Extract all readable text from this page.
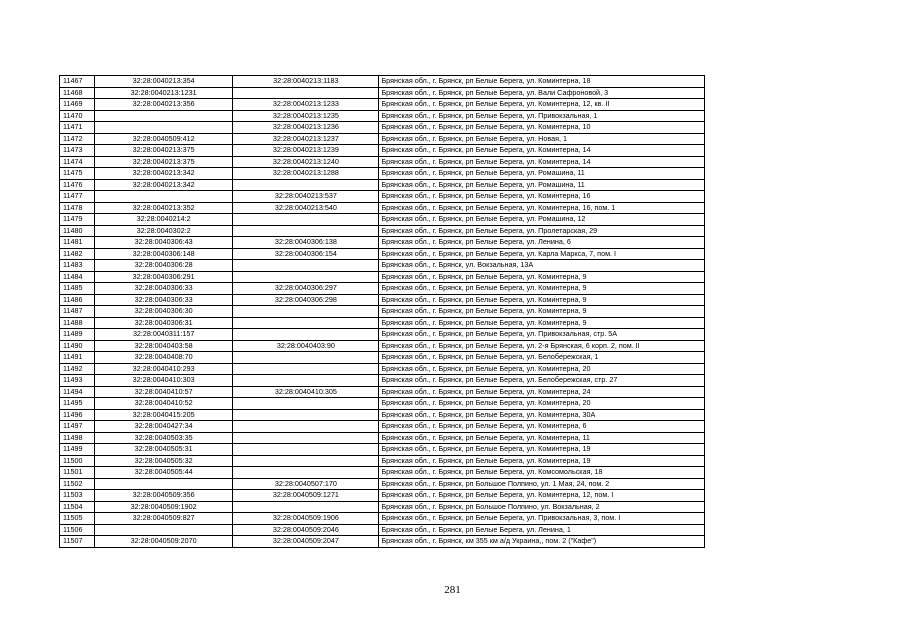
11467	32:28:0040213:354	32:28:0040213:1183	Брянская обл., г. Брянск, рп Белые Берега, ул. Коминтерна, 18
11468	32:28:0040213:1231		Брянская обл., г. Брянск, рп Белые Берега, ул. Вали Сафроновой, 3
11469	32:28:0040213:356	32:28:0040213:1233	Брянская обл., г. Брянск, рп Белые Берега, ул. Коминтерна, 12, кв. II
11470		32:28:0040213:1235	Брянская обл., г. Брянск, рп Белые Берега, ул. Привокзальная, 1
11471		32:28:0040213:1236	Брянская обл., г. Брянск, рп Белые Берега, ул. Коминтерна, 10
11472	32:28:0040509:412	32:28:0040213:1237	Брянская обл., г. Брянск, рп Белые Берега, ул. Новая, 1
11473	32:28:0040213:375	32:28:0040213:1239	Брянская обл., г. Брянск, рп Белые Берега, ул. Коминтерна, 14
11474	32:28:0040213:375	32:28:0040213:1240	Брянская обл., г. Брянск, рп Белые Берега, ул. Коминтерна, 14
11475	32:28:0040213:342	32:28:0040213:1288	Брянская обл., г. Брянск, рп Белые Берега, ул. Ромашина, 11
11476	32:28:0040213:342		Брянская обл., г. Брянск, рп Белые Берега, ул. Ромашина, 11
11477		32:28:0040213:537	Брянская обл., г. Брянск, рп Белые Берега, ул. Коминтерна, 16
11478	32:28:0040213:352	32:28:0040213:540	Брянская обл., г. Брянск, рп Белые Берега, ул. Коминтерна, 16, пом. 1
11479	32:28:0040214:2		Брянская обл., г. Брянск, рп Белые Берега, ул. Ромашина, 12
11480	32:28:0040302:2		Брянская обл., г. Брянск, рп Белые Берега, ул. Пролетарская, 29
11481	32:28:0040306:43	32:28:0040306:138	Брянская обл., г. Брянск, рп Белые Берега, ул. Ленина, 6
11482	32:28:0040306:148	32:28:0040306:154	Брянская обл., г. Брянск, рп Белые Берега, ул. Карла Маркса, 7, пом. I
11483	32:28:0040306:28		Брянская обл., г. Брянск, ул. Вокзальная, 13А
11484	32:28:0040306:291		Брянская обл., г. Брянск, рп Белые Берега, ул. Коминтерна, 9
11485	32:28:0040306:33	32:28:0040306:297	Брянская обл., г. Брянск, рп Белые Берега, ул. Коминтерна, 9
11486	32:28:0040306:33	32:28:0040306:298	Брянская обл., г. Брянск, рп Белые Берега, ул. Коминтерна, 9
11487	32:28:0040306:30		Брянская обл., г. Брянск, рп Белые Берега, ул. Коминтерна, 9
11488	32:28:0040306:31		Брянская обл., г. Брянск, рп Белые Берега, ул. Коминтерна, 9
11489	32:28:0040311:157		Брянская обл., г. Брянск, рп Белые Берега, ул. Привокзальная, стр. 5А
11490	32:28:0040403:58	32:28:0040403:90	Брянская обл., г. Брянск, рп Белые Берега, ул. 2-я Брянская, 6 корп. 2, пом. II
11491	32:28:0040408:70		Брянская обл., г. Брянск, рп Белые Берега, ул. Белобережская, 1
11492	32:28:0040410:293		Брянская обл., г. Брянск, рп Белые Берега, ул. Коминтерна, 20
11493	32:28:0040410:303		Брянская обл., г. Брянск, рп Белые Берега, ул. Белобережская, стр. 27
11494	32:28:0040410:57	32:28:0040410:305	Брянская обл., г. Брянск, рп Белые Берега, ул. Коминтерна, 24
11495	32:28:0040410:52		Брянская обл., г. Брянск, рп Белые Берега, ул. Коминтерна, 20
11496	32:28:0040415:205		Брянская обл., г. Брянск, рп Белые Берега, ул. Коминтерна, 30А
11497	32:28:0040427:34		Брянская обл., г. Брянск, рп Белые Берега, ул. Коминтерна, 6
11498	32:28:0040503:35		Брянская обл., г. Брянск, рп Белые Берега, ул. Коминтерна, 11
11499	32:28:0040505:31		Брянская обл., г. Брянск, рп Белые Берега, ул. Коминтерна, 19
11500	32:28:0040505:32		Брянская обл., г. Брянск, рп Белые Берега, ул. Коминтерна, 19
11501	32:28:0040505:44		Брянская обл., г. Брянск, рп Белые Берега, ул. Комсомольская, 18
11502		32:28:0040507:170	Брянская обл., г. Брянск, рп Большое Полпино, ул. 1 Мая, 24, пом. 2
11503	32:28:0040509:356	32:28:0040509:1271	Брянская обл., г. Брянск, рп Белые Берега, ул. Коминтерна, 12, пом. I
11504	32:28:0040509:1902		Брянская обл., г. Брянск, рп Большое Полпино, ул. Вокзальная, 2
11505	32:28:0040509:827	32:28:0040509:1906	Брянская обл., г. Брянск, рп Белые Берега, ул. Привокзальная, 3, пом. I
11506		32:28:0040509:2046	Брянская обл., г. Брянск, рп Белые Берега, ул. Ленина, 1
11507	32:28:0040509:2070	32:28:0040509:2047	Брянская обл., г. Брянск, км 355 км а/д Украина,, пом. 2 ("Кафе")
281
